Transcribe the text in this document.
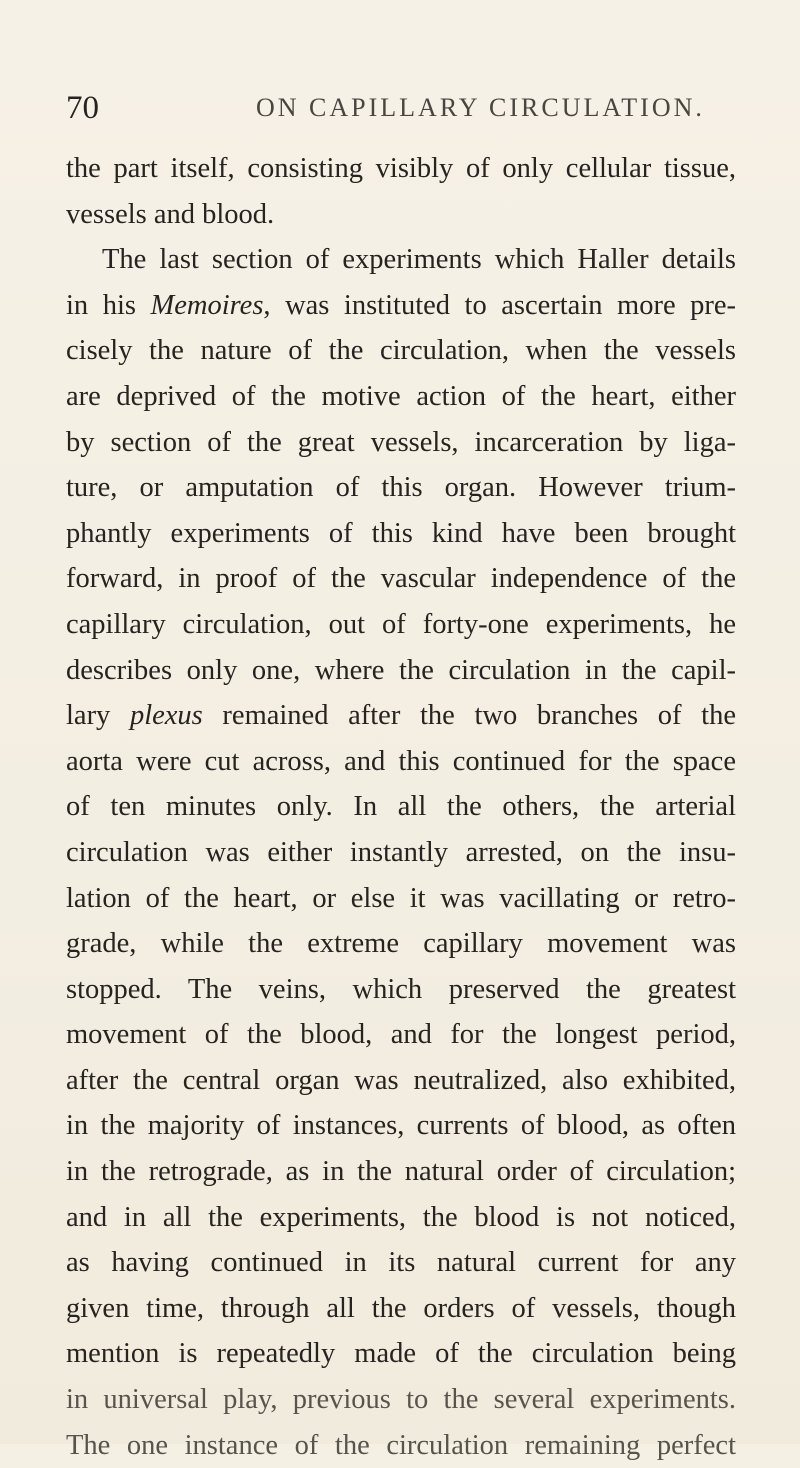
70	ON CAPILLARY CIRCULATION.
the part itself, consisting visibly of only cellular tissue,
vessels and blood.
The last section of experiments which Haller details
in his Memoires, was instituted to ascertain more pre-
cisely the nature of the circulation, when the vessels
are deprived of the motive action of the heart, either
by section of the great vessels, incarceration by liga-
ture, or amputation of this organ. However trium-
phantly experiments of this kind have been brought
forward, in proof of the vascular independence of the
capillary circulation, out of forty-one experiments, he
describes only one, where the circulation in the capil-
lary plexus remained after the two branches of the
aorta were cut across, and this continued for the space
of ten minutes only. In all the others, the arterial
circulation was either instantly arrested, on the insu-
lation of the heart, or else it was vacillating or retro-
grade, while the extreme capillary movement was
stopped. The veins, which preserved the greatest
movement of the blood, and for the longest period,
after the central organ was neutralized, also exhibited,
in the majority of instances, currents of blood, as often
in the retrograde, as in the natural order of circulation;
and in all the experiments, the blood is not noticed,
as having continued in its natural current for any
given time, through all the orders of vessels, though
mention is repeatedly made of the circulation being
in universal play, previous to the several experiments.
The one instance of the circulation remaining perfect
